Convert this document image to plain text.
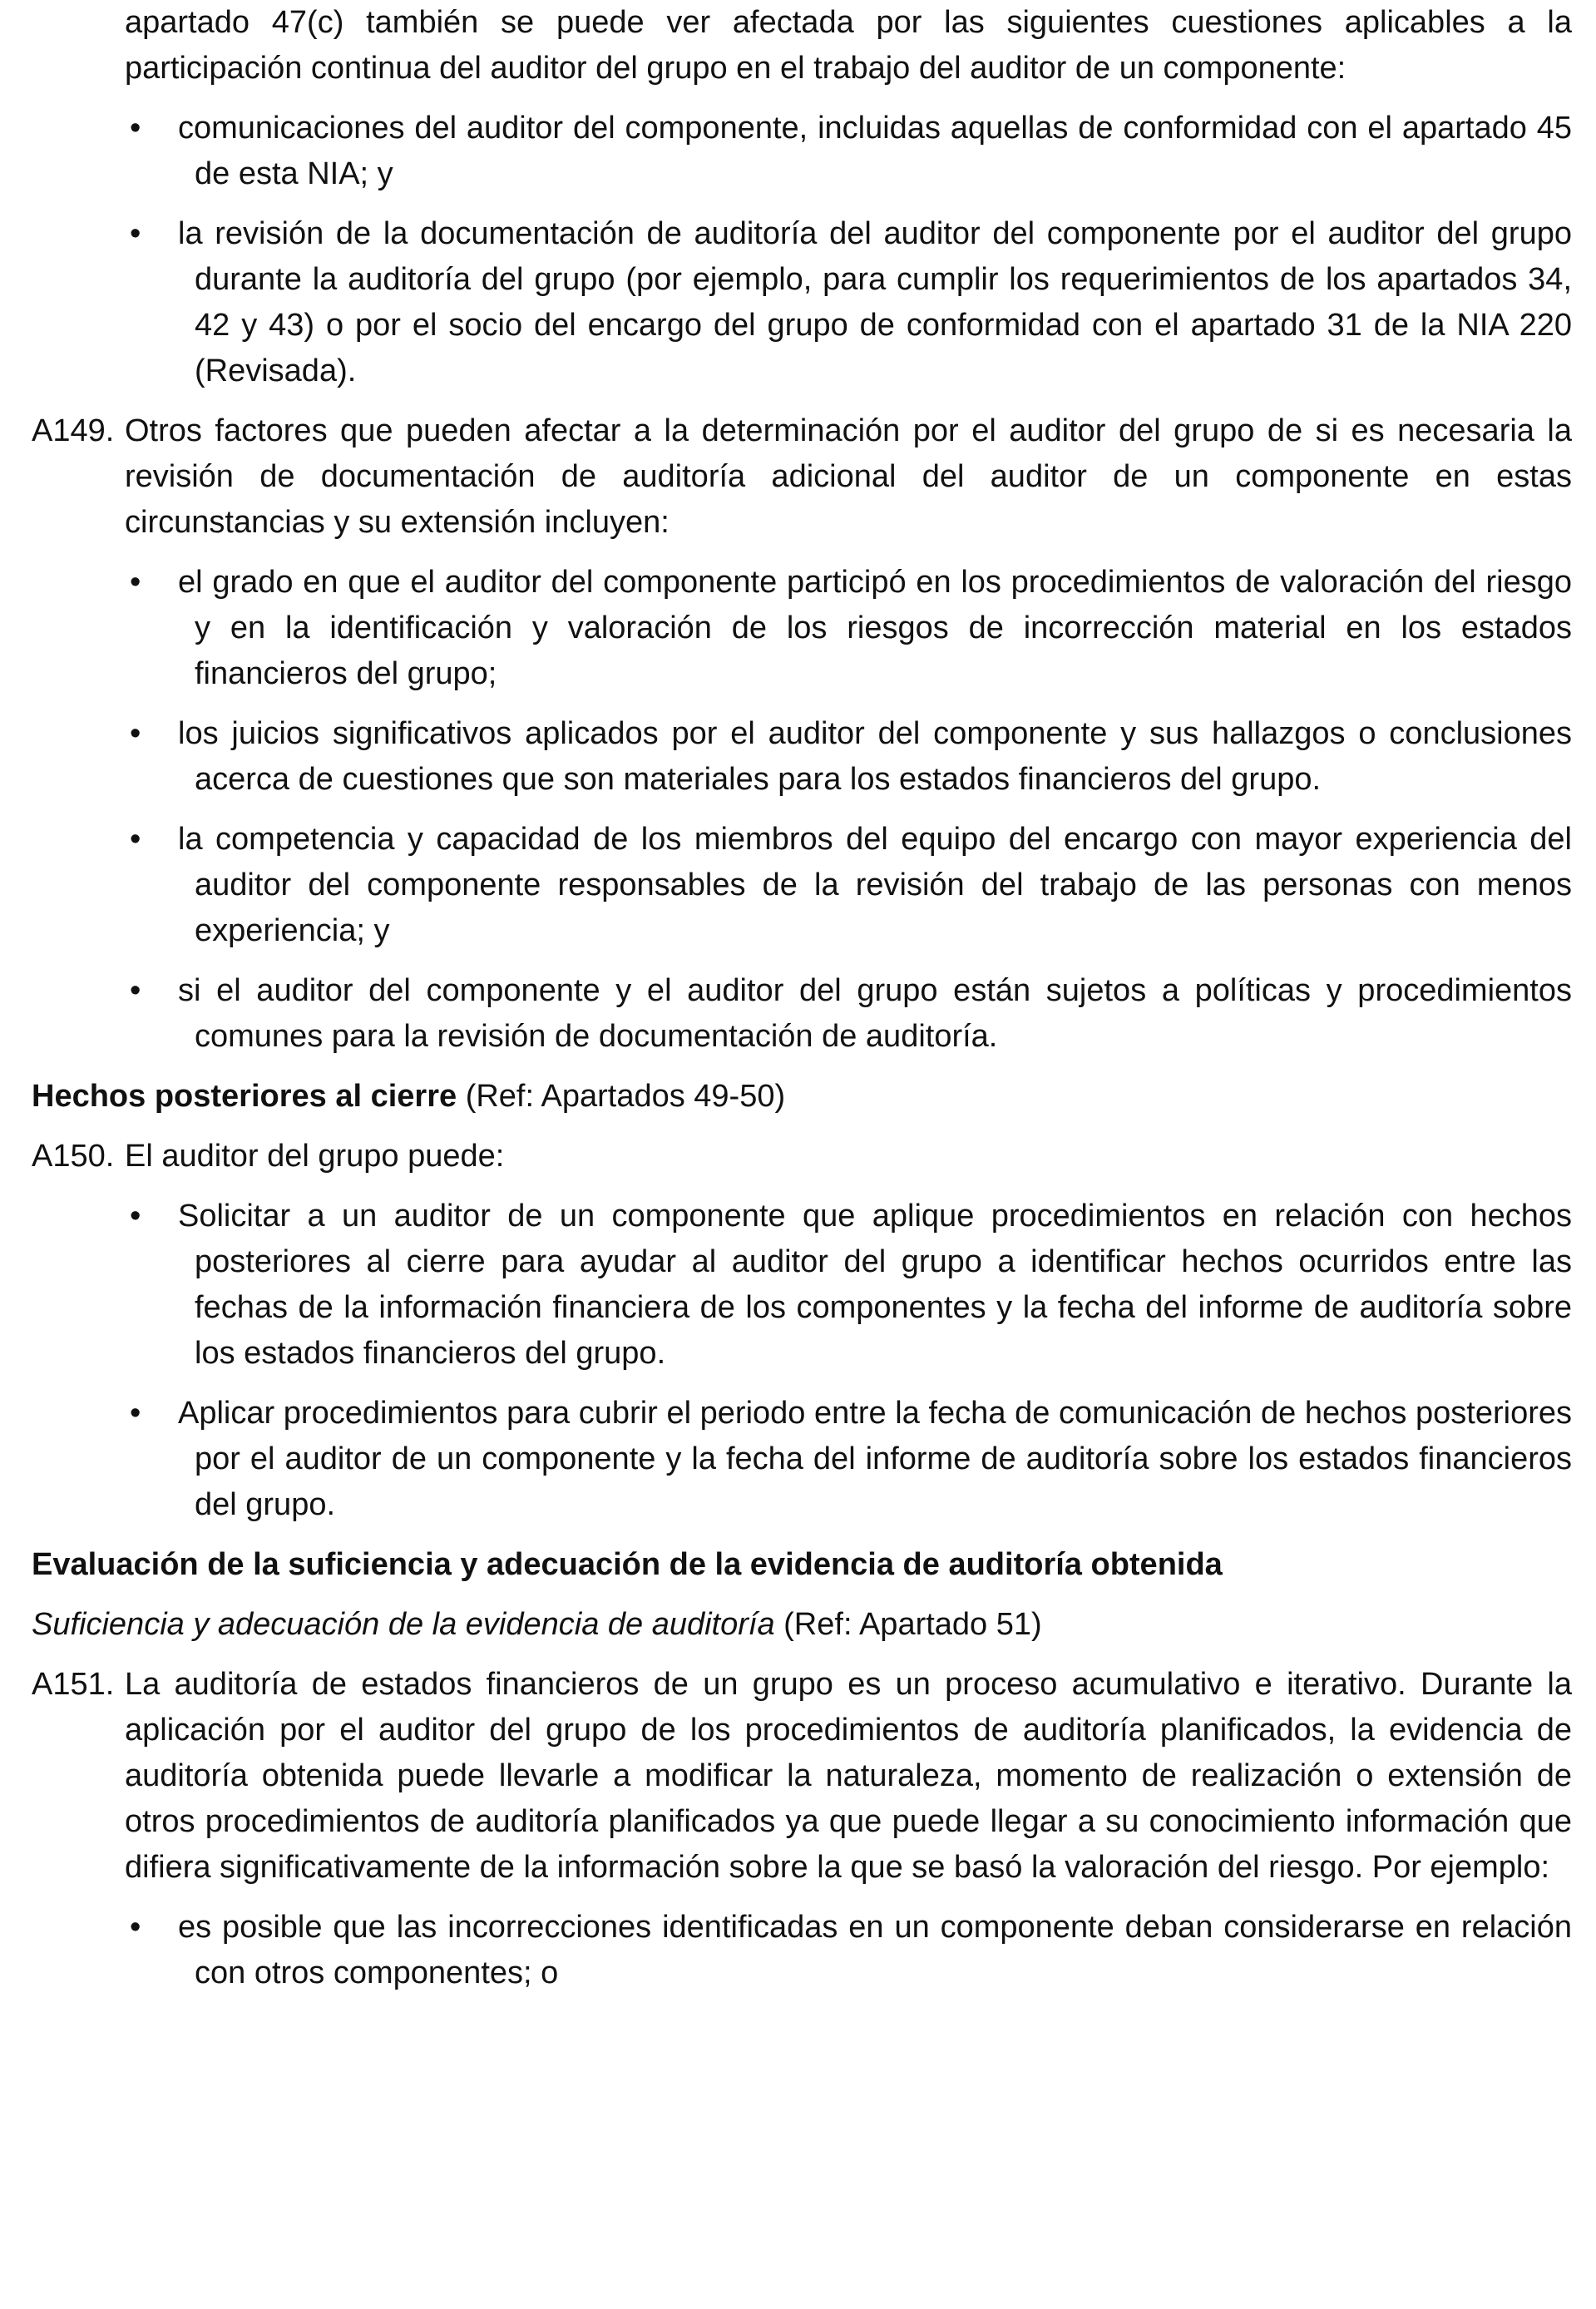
apartado 47(c) también se puede ver afectada por las siguientes cuestiones aplicables a la participación continua del auditor del grupo en el trabajo del auditor de un componente:

• comunicaciones del auditor del componente, incluidas aquellas de conformidad con el apartado 45 de esta NIA; y
• la revisión de la documentación de auditoría del auditor del componente por el auditor del grupo durante la auditoría del grupo (por ejemplo, para cumplir los requerimientos de los apartados 34, 42 y 43) o por el socio del encargo del grupo de conformidad con el apartado 31 de la NIA 220 (Revisada).

A149. Otros factores que pueden afectar a la determinación por el auditor del grupo de si es necesaria la revisión de documentación de auditoría adicional del auditor de un componente en estas circunstancias y su extensión incluyen:

• el grado en que el auditor del componente participó en los procedimientos de valoración del riesgo y en la identificación y valoración de los riesgos de incorrección material en los estados financieros del grupo;
• los juicios significativos aplicados por el auditor del componente y sus hallazgos o conclusiones acerca de cuestiones que son materiales para los estados financieros del grupo.
• la competencia y capacidad de los miembros del equipo del encargo con mayor experiencia del auditor del componente responsables de la revisión del trabajo de las personas con menos experiencia; y
• si el auditor del componente y el auditor del grupo están sujetos a políticas y procedimientos comunes para la revisión de documentación de auditoría.

Hechos posteriores al cierre (Ref: Apartados 49-50)

A150. El auditor del grupo puede:

• Solicitar a un auditor de un componente que aplique procedimientos en relación con hechos posteriores al cierre para ayudar al auditor del grupo a identificar hechos ocurridos entre las fechas de la información financiera de los componentes y la fecha del informe de auditoría sobre los estados financieros del grupo.
• Aplicar procedimientos para cubrir el periodo entre la fecha de comunicación de hechos posteriores por el auditor de un componente y la fecha del informe de auditoría sobre los estados financieros del grupo.

Evaluación de la suficiencia y adecuación de la evidencia de auditoría obtenida

Suficiencia y adecuación de la evidencia de auditoría (Ref: Apartado 51)

A151. La auditoría de estados financieros de un grupo es un proceso acumulativo e iterativo. Durante la aplicación por el auditor del grupo de los procedimientos de auditoría planificados, la evidencia de auditoría obtenida puede llevarle a modificar la naturaleza, momento de realización o extensión de otros procedimientos de auditoría planificados ya que puede llegar a su conocimiento información que difiera significativamente de la información sobre la que se basó la valoración del riesgo. Por ejemplo:

• es posible que las incorrecciones identificadas en un componente deban considerarse en relación con otros componentes; o
